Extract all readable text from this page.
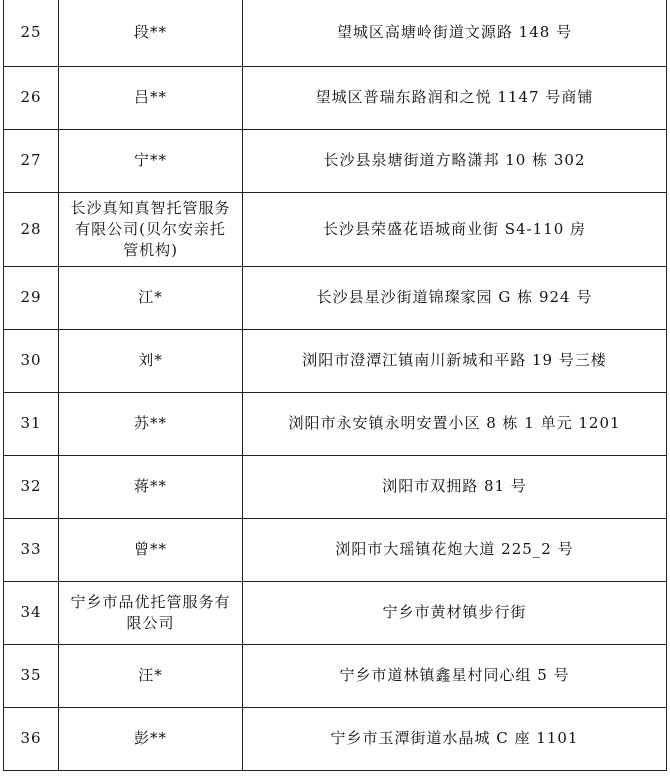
25	段**	望城区高塘岭街道文源路 148 号
26	吕**	望城区普瑞东路润和之悦 1147 号商铺
27	宁**	长沙县泉塘街道方略潇邦 10 栋 302
28	长沙真知真智托管服务有限公司(贝尔安亲托管机构)	长沙县荣盛花语城商业街 S4-110 房
29	江*	长沙县星沙街道锦璨家园 G 栋 924 号
30	刘*	浏阳市澄潭江镇南川新城和平路 19 号三楼
31	苏**	浏阳市永安镇永明安置小区 8 栋 1 单元 1201
32	蒋**	浏阳市双拥路 81 号
33	曾**	浏阳市大瑶镇花炮大道 225_2 号
34	宁乡市品优托管服务有限公司	宁乡市黄材镇步行街
35	汪*	宁乡市道林镇鑫星村同心组 5 号
36	彭**	宁乡市玉潭街道水晶城 C 座 1101
